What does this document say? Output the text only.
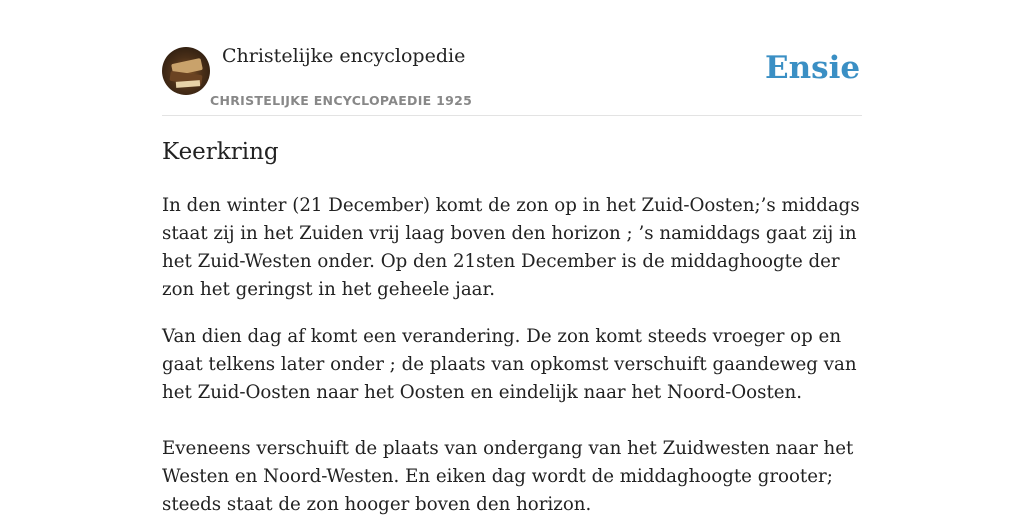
Christelijke encyclopedie
CHRISTELIJKE ENCYCLOPAEDIE 1925
Ensie
Keerkring

In den winter (21 December) komt de zon op in het Zuid-Oosten;’s middags staat zij in het Zuiden vrij laag boven den horizon ; ’s namiddags gaat zij in het Zuid-Westen onder. Op den 21sten December is de middaghoogte der zon het geringst in het geheele jaar.

Van dien dag af komt een verandering. De zon komt steeds vroeger op en gaat telkens later onder ; de plaats van opkomst verschuift gaandeweg van het Zuid-Oosten naar het Oosten en eindelijk naar het Noord-Oosten.

Eveneens verschuift de plaats van ondergang van het Zuidwesten naar het Westen en Noord-Westen. En eiken dag wordt de middaghoogte grooter; steeds staat de zon hooger boven den horizon.
